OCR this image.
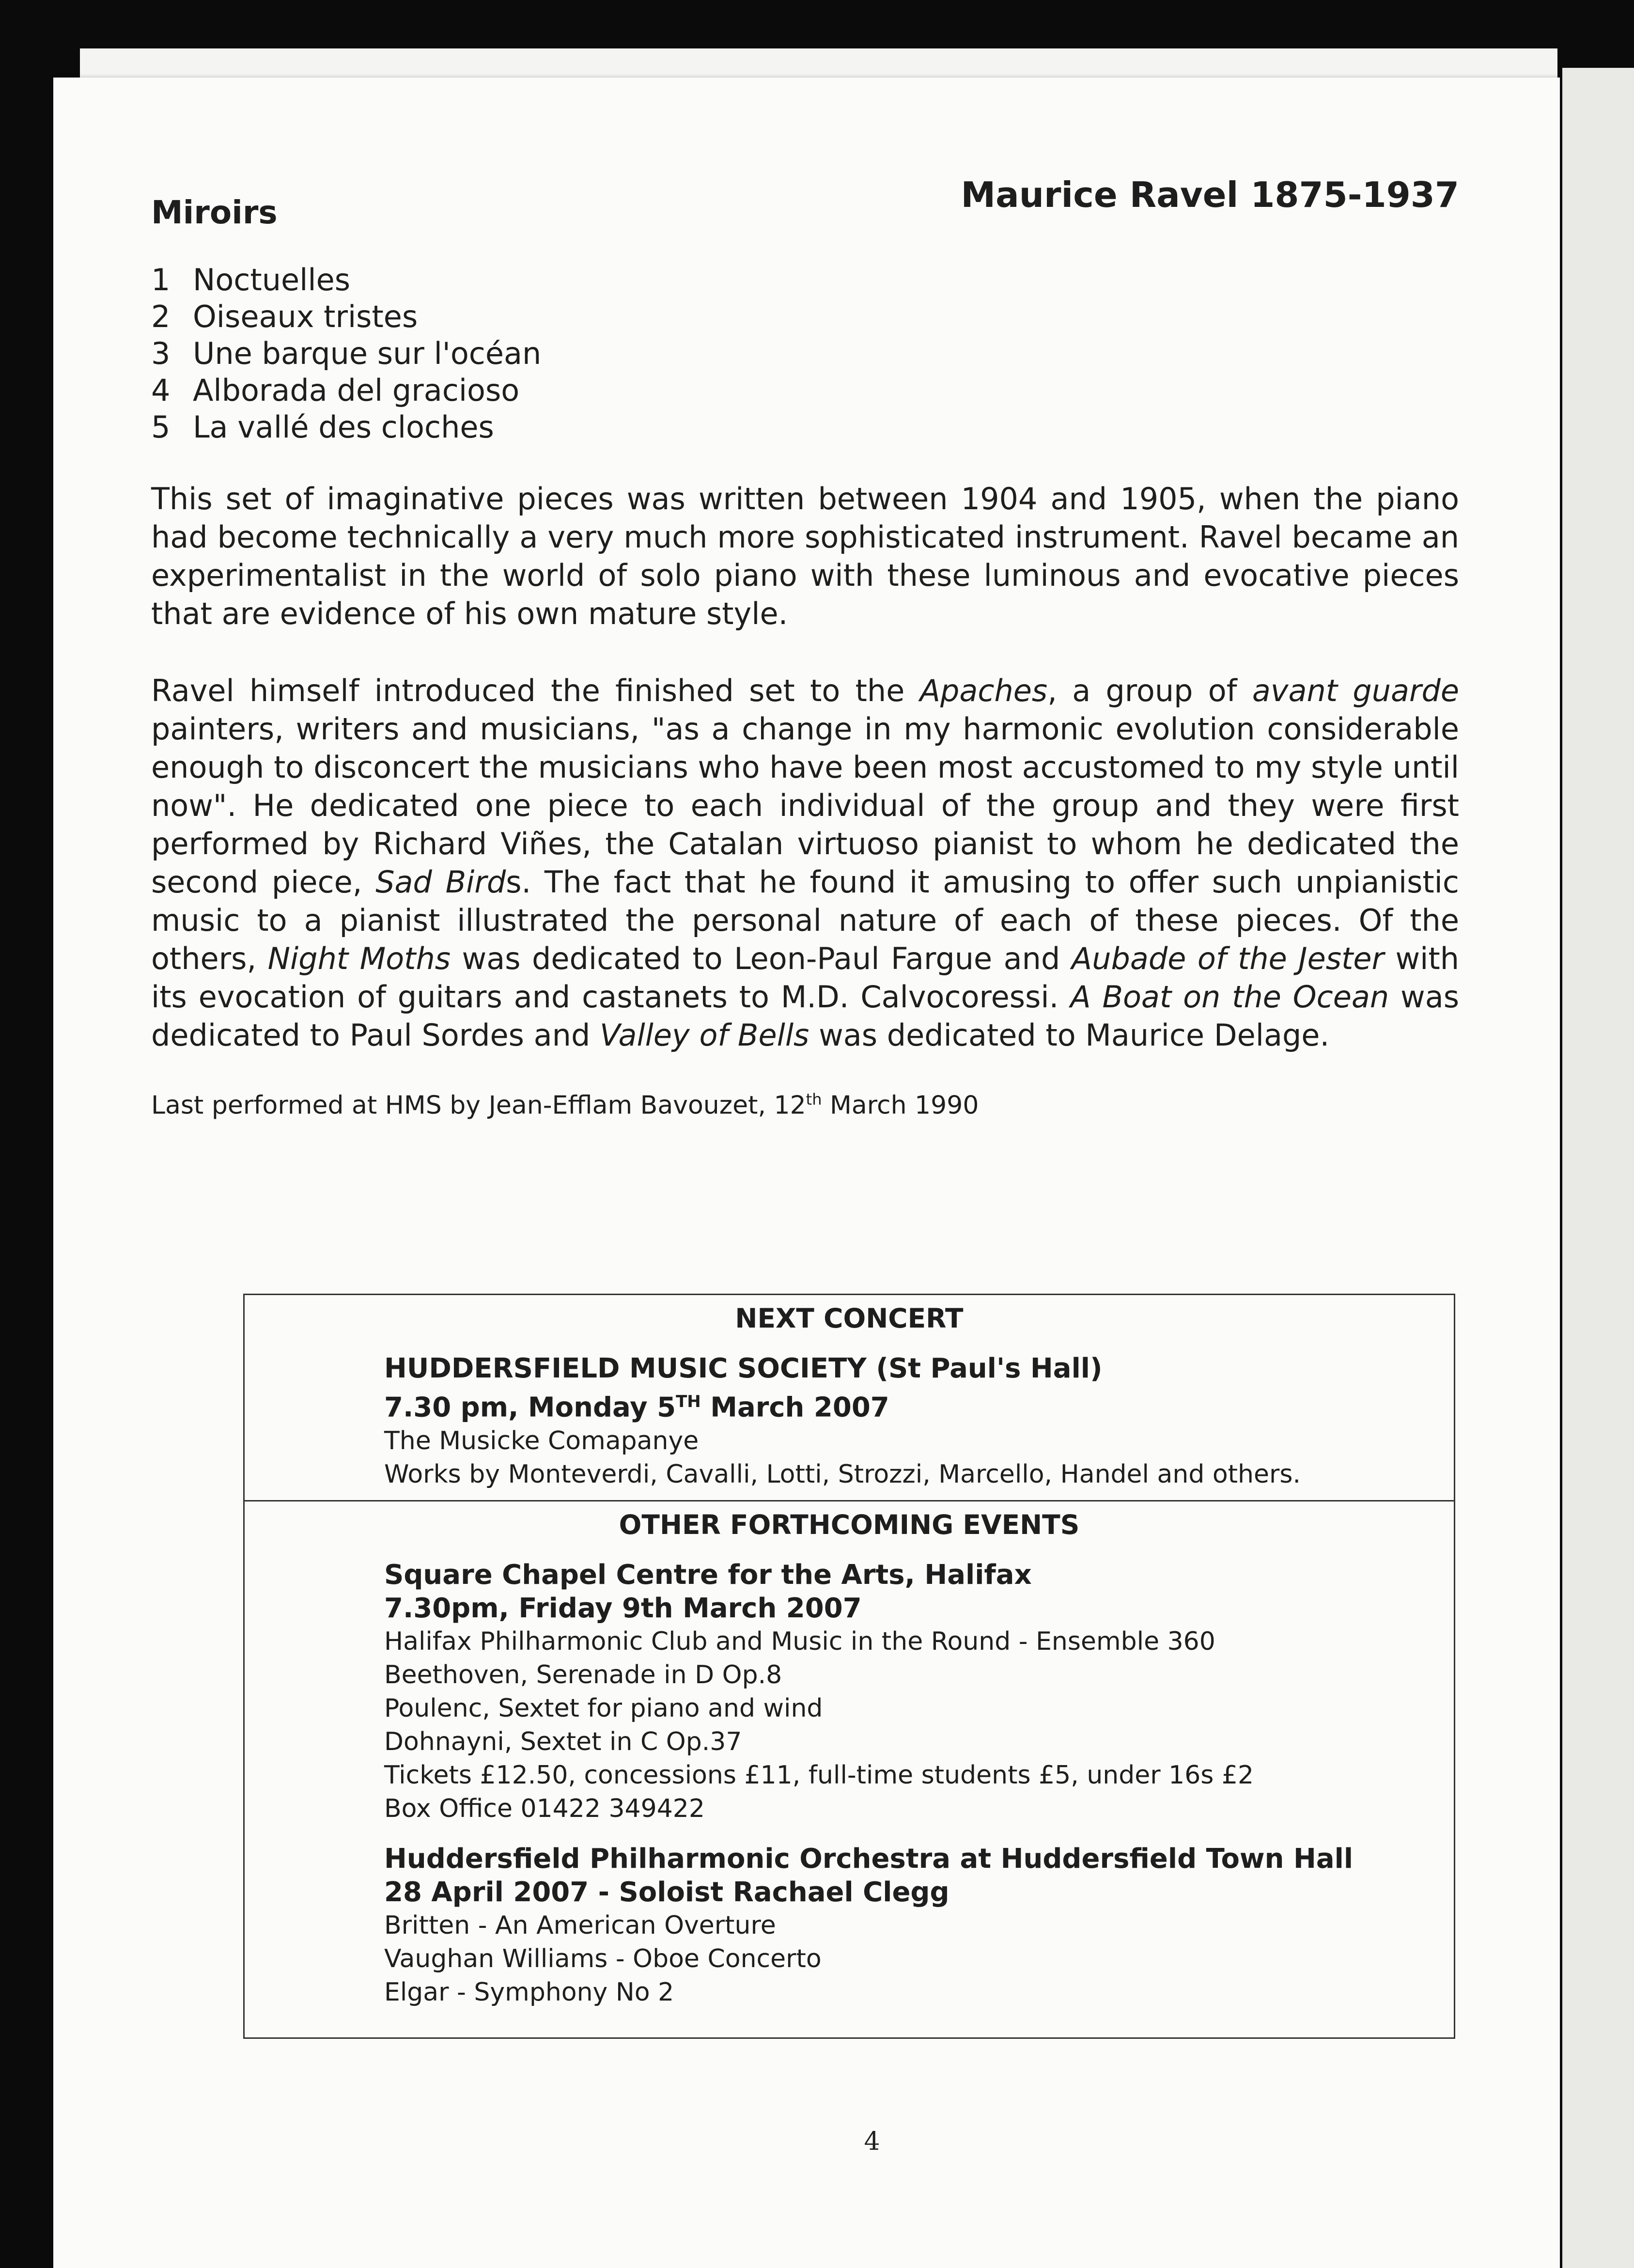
Miroirs	Maurice Ravel 1875-1937
1 Noctuelles
2 Oiseaux tristes
3 Une barque sur l'océan
4 Alborada del gracioso
5 La vallé des cloches

This set of imaginative pieces was written between 1904 and 1905, when the piano had become technically a very much more sophisticated instrument. Ravel became an experimentalist in the world of solo piano with these luminous and evocative pieces that are evidence of his own mature style.

Ravel himself introduced the finished set to the Apaches, a group of avant guarde painters, writers and musicians, "as a change in my harmonic evolution considerable enough to disconcert the musicians who have been most accustomed to my style until now". He dedicated one piece to each individual of the group and they were first performed by Richard Viñes, the Catalan virtuoso pianist to whom he dedicated the second piece, Sad Birds. The fact that he found it amusing to offer such unpianistic music to a pianist illustrated the personal nature of each of these pieces. Of the others, Night Moths was dedicated to Leon-Paul Fargue and Aubade of the Jester with its evocation of guitars and castanets to M.D. Calvocoressi. A Boat on the Ocean was dedicated to Paul Sordes and Valley of Bells was dedicated to Maurice Delage.

Last performed at HMS by Jean-Efflam Bavouzet, 12th March 1990

NEXT CONCERT
HUDDERSFIELD MUSIC SOCIETY (St Paul's Hall)
7.30 pm, Monday 5TH March 2007
The Musicke Comapanye
Works by Monteverdi, Cavalli, Lotti, Strozzi, Marcello, Handel and others.
OTHER FORTHCOMING EVENTS
Square Chapel Centre for the Arts, Halifax
7.30pm, Friday 9th March 2007
Halifax Philharmonic Club and Music in the Round - Ensemble 360
Beethoven, Serenade in D Op.8
Poulenc, Sextet for piano and wind
Dohnayni, Sextet in C Op.37
Tickets £12.50, concessions £11, full-time students £5, under 16s £2
Box Office 01422 349422
Huddersfield Philharmonic Orchestra at Huddersfield Town Hall
28 April 2007 - Soloist Rachael Clegg
Britten - An American Overture
Vaughan Williams - Oboe Concerto
Elgar - Symphony No 2
4
